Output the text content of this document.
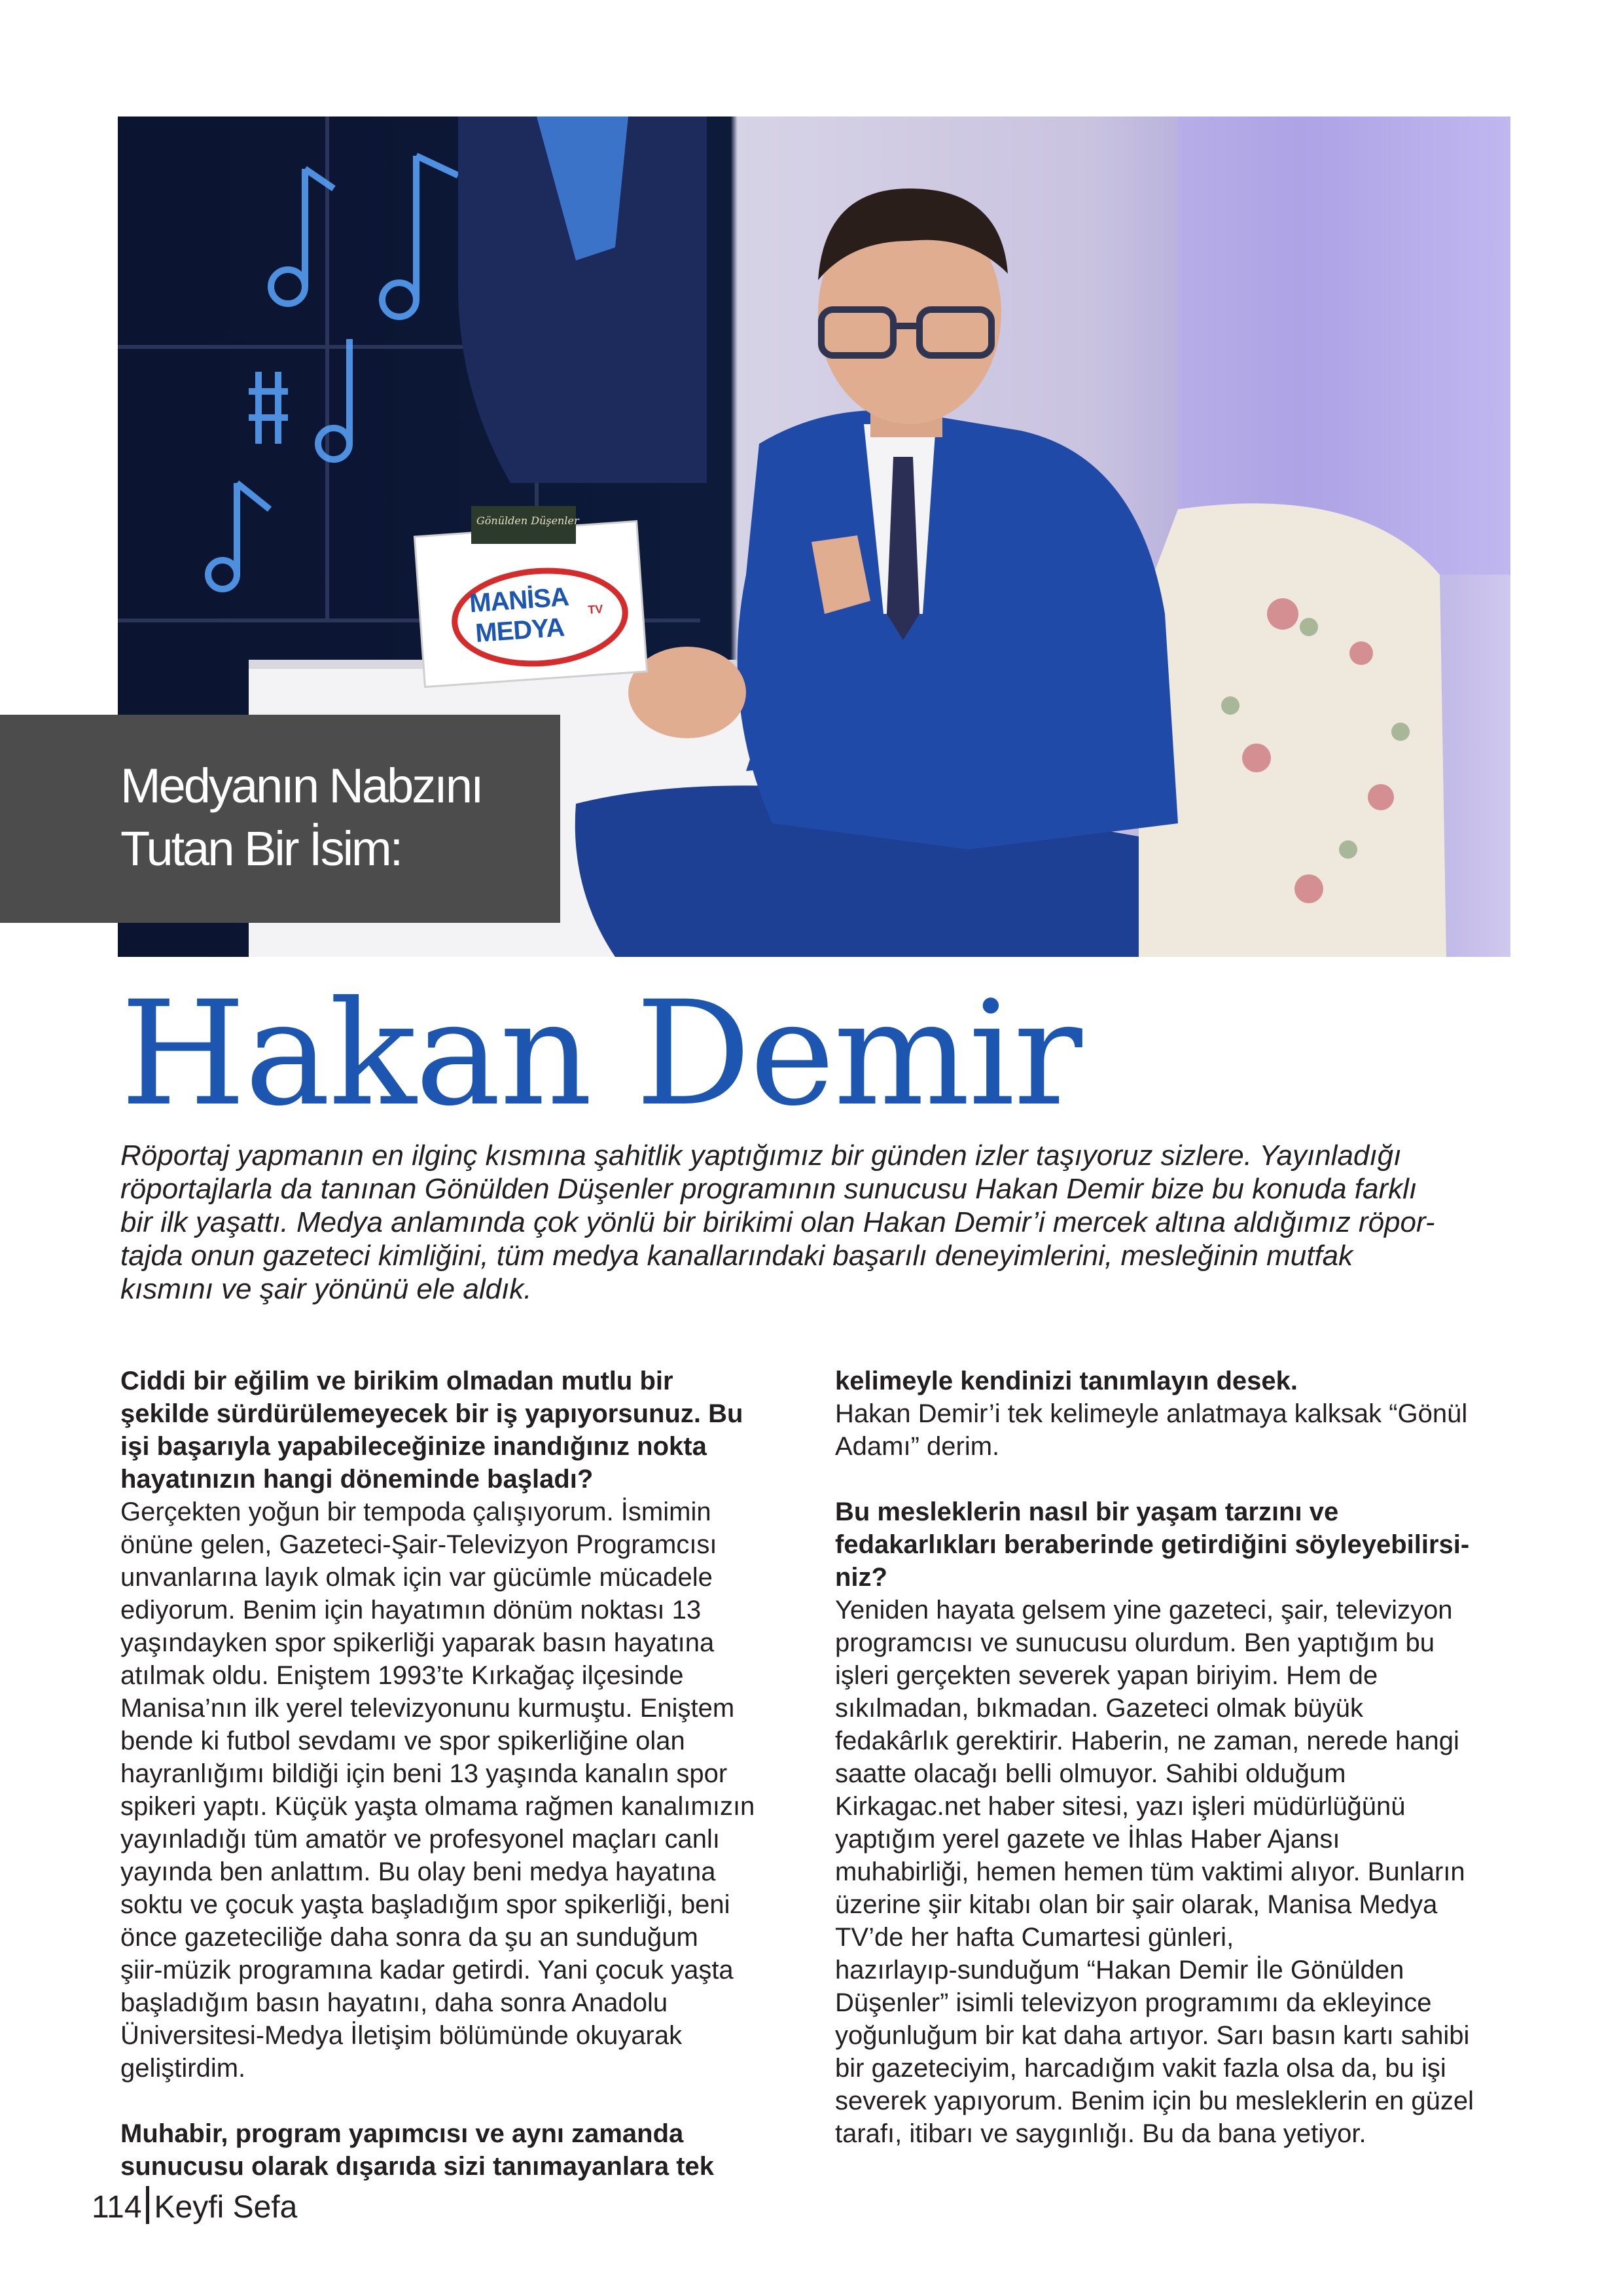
MANİSA
MEDYA
TV
Gönülden Düşenler
Medyanın Nabzını
Tutan Bir İsim:
Hakan Demir
Röportaj yapmanın en ilginç kısmına şahitlik yaptığımız bir günden izler taşıyoruz sizlere. Yayınladığı
röportajlarla da tanınan Gönülden Düşenler programının sunucusu Hakan Demir bize bu konuda farklı
bir ilk yaşattı. Medya anlamında çok yönlü bir birikimi olan Hakan Demir’i mercek altına aldığımız röpor-
tajda onun gazeteci kimliğini, tüm medya kanallarındaki başarılı deneyimlerini, mesleğinin mutfak
kısmını ve şair yönünü ele aldık.

Ciddi bir eğilim ve birikim olmadan mutlu bir
şekilde sürdürülemeyecek bir iş yapıyorsunuz. Bu
işi başarıyla yapabileceğinize inandığınız nokta
hayatınızın hangi döneminde başladı?

Gerçekten yoğun bir tempoda çalışıyorum. İsmimin
önüne gelen, Gazeteci-Şair-Televizyon Programcısı
unvanlarına layık olmak için var gücümle mücadele
ediyorum. Benim için hayatımın dönüm noktası 13
yaşındayken spor spikerliği yaparak basın hayatına
atılmak oldu. Eniştem 1993’te Kırkağaç ilçesinde
Manisa’nın ilk yerel televizyonunu kurmuştu. Eniştem
bende ki futbol sevdamı ve spor spikerliğine olan
hayranlığımı bildiği için beni 13 yaşında kanalın spor
spikeri yaptı. Küçük yaşta olmama rağmen kanalımızın
yayınladığı tüm amatör ve profesyonel maçları canlı
yayında ben anlattım. Bu olay beni medya hayatına
soktu ve çocuk yaşta başladığım spor spikerliği, beni
önce gazeteciliğe daha sonra da şu an sunduğum
şiir-müzik programına kadar getirdi. Yani çocuk yaşta
başladığım basın hayatını, daha sonra Anadolu
Üniversitesi-Medya İletişim bölümünde okuyarak
geliştirdim.

Muhabir, program yapımcısı ve aynı zamanda
sunucusu olarak dışarıda sizi tanımayanlara tek

kelimeyle kendinizi tanımlayın desek.

Hakan Demir’i tek kelimeyle anlatmaya kalksak “Gönül
Adamı” derim.

Bu mesleklerin nasıl bir yaşam tarzını ve
fedakarlıkları beraberinde getirdiğini söyleyebilirsi-
niz?

Yeniden hayata gelsem yine gazeteci, şair, televizyon
programcısı ve sunucusu olurdum. Ben yaptığım bu
işleri gerçekten severek yapan biriyim. Hem de
sıkılmadan, bıkmadan. Gazeteci olmak büyük
fedakârlık gerektirir. Haberin, ne zaman, nerede hangi
saatte olacağı belli olmuyor. Sahibi olduğum
Kirkagac.net haber sitesi, yazı işleri müdürlüğünü
yaptığım yerel gazete ve İhlas Haber Ajansı
muhabirliği, hemen hemen tüm vaktimi alıyor. Bunların
üzerine şiir kitabı olan bir şair olarak, Manisa Medya
TV’de her hafta Cumartesi günleri,
hazırlayıp-sunduğum “Hakan Demir İle Gönülden
Düşenler” isimli televizyon programımı da ekleyince
yoğunluğum bir kat daha artıyor. Sarı basın kartı sahibi
bir gazeteciyim, harcadığım vakit fazla olsa da, bu işi
severek yapıyorum. Benim için bu mesleklerin en güzel
tarafı, itibarı ve saygınlığı. Bu da bana yetiyor.

114 Keyfi Sefa
